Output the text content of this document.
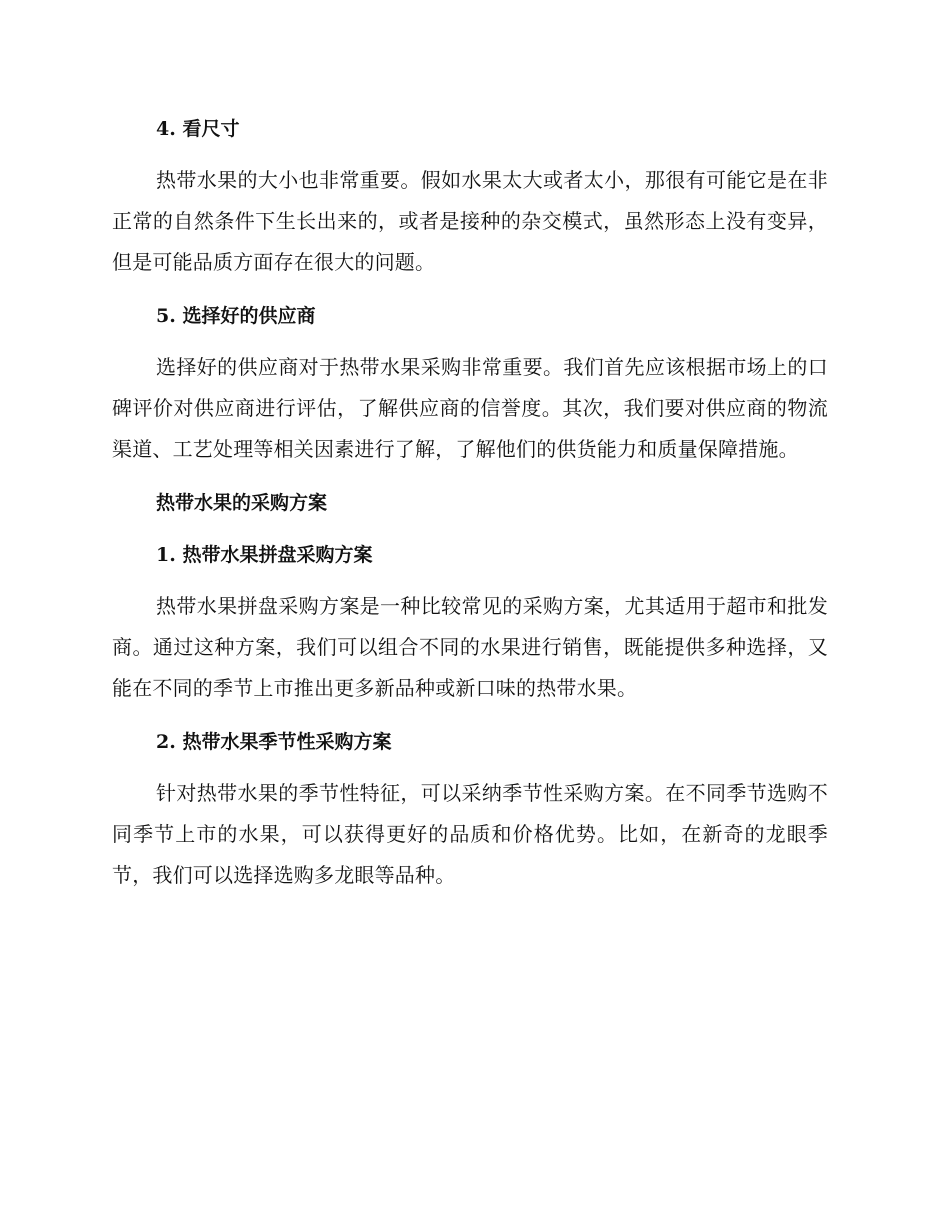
4. 看尺寸

热带水果的大小也非常重要。假如水果太大或者太小，那很有可能它是在非正常的自然条件下生长出来的，或者是接种的杂交模式，虽然形态上没有变异，但是可能品质方面存在很大的问题。

5. 选择好的供应商

选择好的供应商对于热带水果采购非常重要。我们首先应该根据市场上的口碑评价对供应商进行评估，了解供应商的信誉度。其次，我们要对供应商的物流渠道、工艺处理等相关因素进行了解，了解他们的供货能力和质量保障措施。

热带水果的采购方案
1. 热带水果拼盘采购方案

热带水果拼盘采购方案是一种比较常见的采购方案，尤其适用于超市和批发商。通过这种方案，我们可以组合不同的水果进行销售，既能提供多种选择，又能在不同的季节上市推出更多新品种或新口味的热带水果。

2. 热带水果季节性采购方案

针对热带水果的季节性特征，可以采纳季节性采购方案。在不同季节选购不同季节上市的水果，可以获得更好的品质和价格优势。比如，在新奇的龙眼季节，我们可以选择选购多龙眼等品种。
